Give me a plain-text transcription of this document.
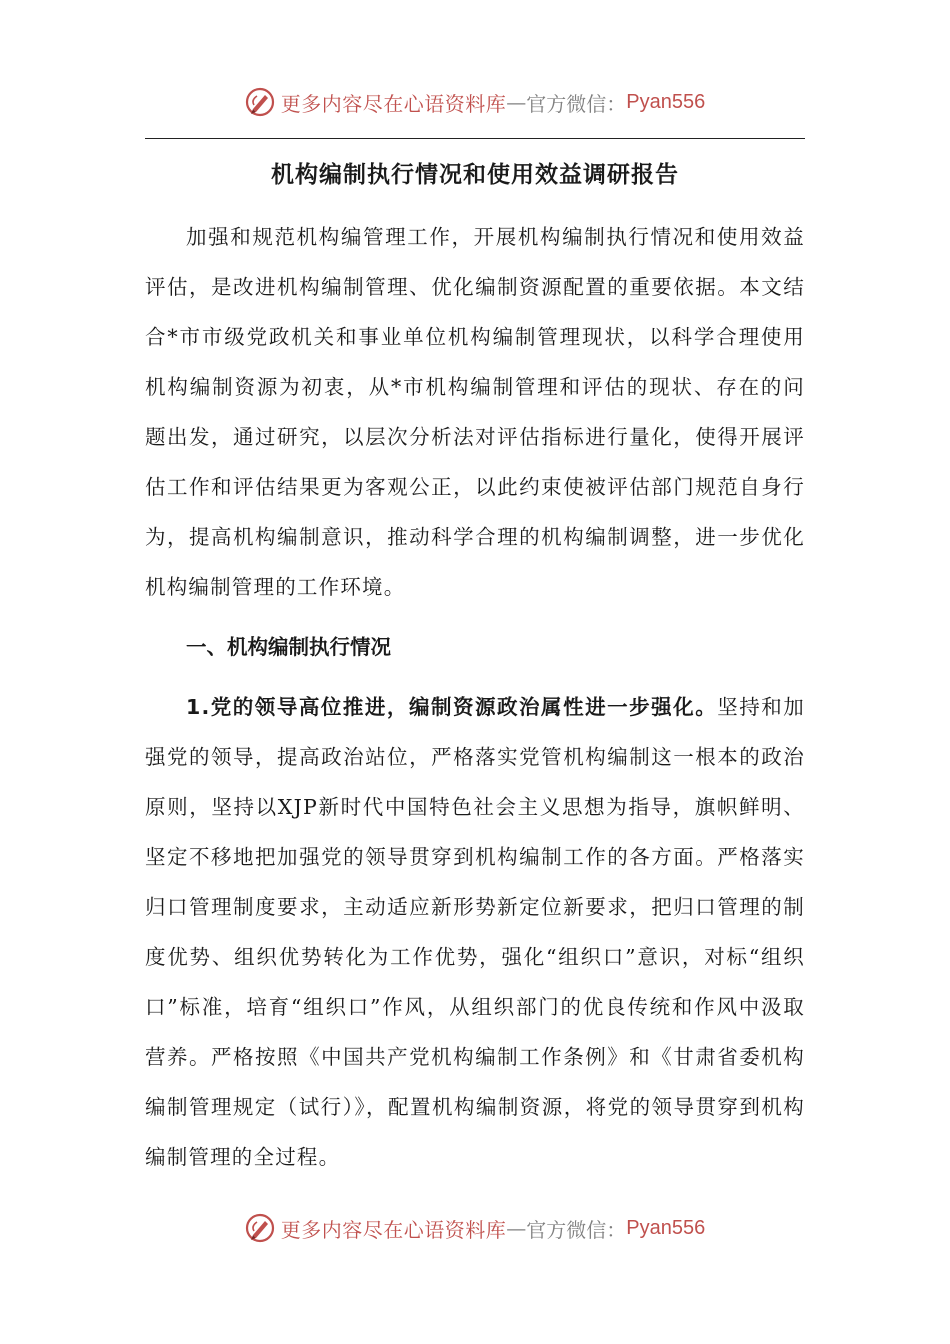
更多内容尽在心语资料库 — 官方微信： Pyan556
机构编制执行情况和使用效益调研报告

加强和规范机构编管理工作，开展机构编制执行情况和使用效益评估，是改进机构编制管理、优化编制资源配置的重要依据。本文结合*市市级党政机关和事业单位机构编制管理现状，以科学合理使用机构编制资源为初衷，从*市机构编制管理和评估的现状、存在的问题出发，通过研究，以层次分析法对评估指标进行量化，使得开展评估工作和评估结果更为客观公正，以此约束使被评估部门规范自身行为，提高机构编制意识，推动科学合理的机构编制调整，进一步优化机构编制管理的工作环境。

一、机构编制执行情况

1.党的领导高位推进，编制资源政治属性进一步强化。坚持和加强党的领导，提高政治站位，严格落实党管机构编制这一根本的政治原则，坚持以XJP新时代中国特色社会主义思想为指导，旗帜鲜明、坚定不移地把加强党的领导贯穿到机构编制工作的各方面。严格落实归口管理制度要求，主动适应新形势新定位新要求，把归口管理的制度优势、组织优势转化为工作优势，强化“组织口”意识，对标“组织口”标准，培育“组织口”作风，从组织部门的优良传统和作风中汲取营养。严格按照《中国共产党机构编制工作条例》和《甘肃省委机构编制管理规定（试行）》，配置机构编制资源，将党的领导贯穿到机构编制管理的全过程。

更多内容尽在心语资料库 — 官方微信： Pyan556
